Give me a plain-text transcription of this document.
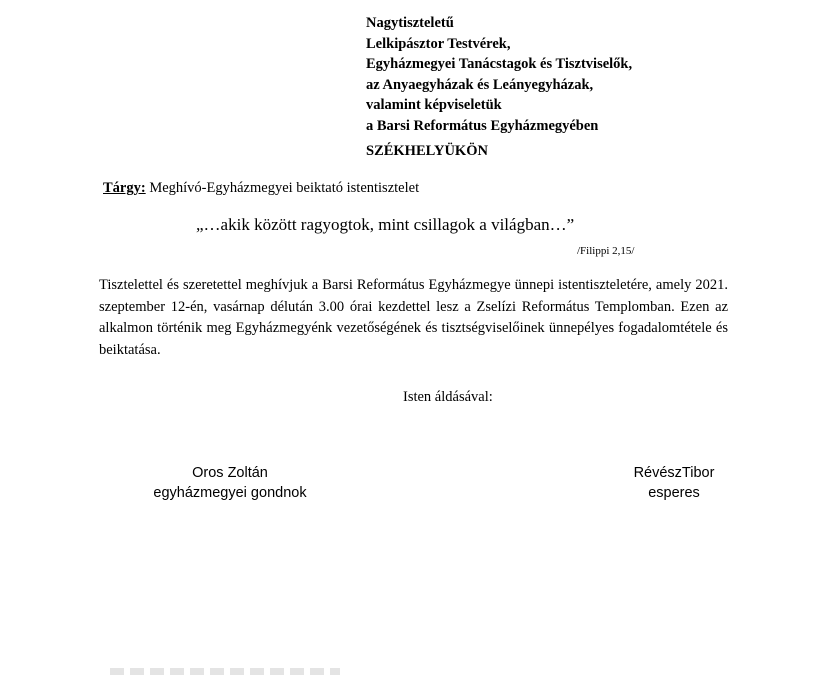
Nagytiszteletű
Lelkipásztor Testvérek,
Egyházmegyei Tanácstagok és Tisztviselők,
az Anyaegyházak és Leányegyházak,
valamint képviseletük
a Barsi Református Egyházmegyében
SZÉKHELYÜKÖN
Tárgy: Meghívó-Egyházmegyei beiktató istentisztelet
„…akik között ragyogtok, mint csillagok a világban…”
/Filippi 2,15/
Tisztelettel és szeretettel meghívjuk a Barsi Református Egyházmegye ünnepi istentiszteletére, amely 2021. szeptember 12-én, vasárnap délután 3.00 órai kezdettel lesz a Zselízi Református Templomban. Ezen az alkalmon történik meg Egyházmegyénk vezetőségének és tisztségviselőinek ünnepélyes fogadalomtétele és beiktatása.
Isten áldásával:
Oros Zoltán
egyházmegyei gondnok
RévészTibor
esperes
